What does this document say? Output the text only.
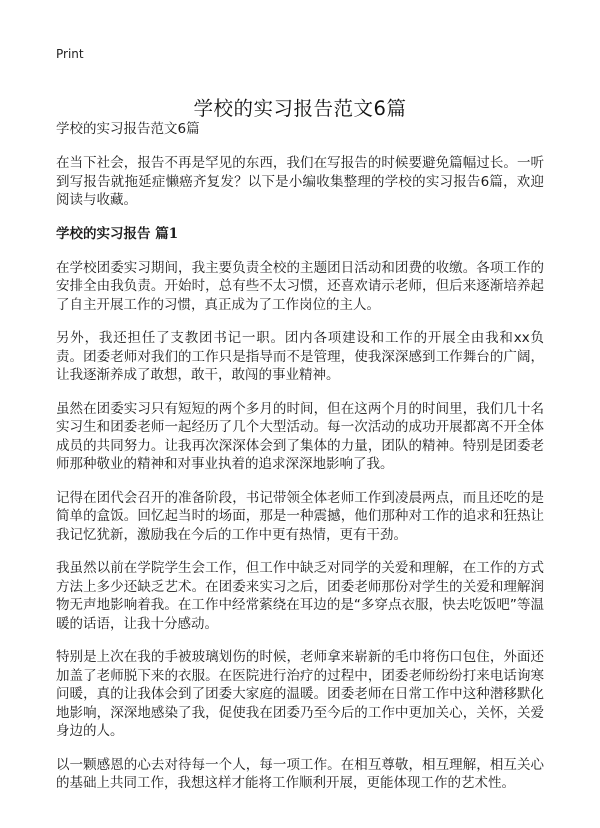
Print
学校的实习报告范文6篇
学校的实习报告范文6篇

在当下社会，报告不再是罕见的东西，我们在写报告的时候要避免篇幅过长。一听到写报告就拖延症懒癌齐复发？以下是小编收集整理的学校的实习报告6篇，欢迎阅读与收藏。

学校的实习报告 篇1

在学校团委实习期间，我主要负责全校的主题团日活动和团费的收缴。各项工作的安排全由我负责。开始时，总有些不太习惯，还喜欢请示老师，但后来逐渐培养起了自主开展工作的习惯，真正成为了工作岗位的主人。

另外，我还担任了支教团书记一职。团内各项建设和工作的开展全由我和xx负责。团委老师对我们的工作只是指导而不是管理，使我深深感到工作舞台的广阔，让我逐渐养成了敢想，敢干，敢闯的事业精神。

虽然在团委实习只有短短的两个多月的时间，但在这两个月的时间里，我们几十名实习生和团委老师一起经历了几个大型活动。每一次活动的成功开展都离不开全体成员的共同努力。让我再次深深体会到了集体的力量，团队的精神。特别是团委老师那种敬业的精神和对事业执着的追求深深地影响了我。

记得在团代会召开的准备阶段，书记带领全体老师工作到凌晨两点，而且还吃的是简单的盒饭。回忆起当时的场面，那是一种震撼，他们那种对工作的追求和狂热让我记忆犹新，激励我在今后的工作中更有热情，更有干劲。

我虽然以前在学院学生会工作，但工作中缺乏对同学的关爱和理解，在工作的方式方法上多少还缺乏艺术。在团委来实习之后，团委老师那份对学生的关爱和理解润物无声地影响着我。在工作中经常萦绕在耳边的是“多穿点衣服，快去吃饭吧”等温暖的话语，让我十分感动。

特别是上次在我的手被玻璃划伤的时候，老师拿来崭新的毛巾将伤口包住，外面还加盖了老师脱下来的衣服。在医院进行治疗的过程中，团委老师纷纷打来电话询寒问暖，真的让我体会到了团委大家庭的温暖。团委老师在日常工作中这种潜移默化地影响，深深地感染了我，促使我在团委乃至今后的工作中更加关心，关怀，关爱身边的人。

以一颗感恩的心去对待每一个人，每一项工作。在相互尊敬，相互理解，相互关心的基础上共同工作，我想这样才能将工作顺利开展，更能体现工作的艺术性。
